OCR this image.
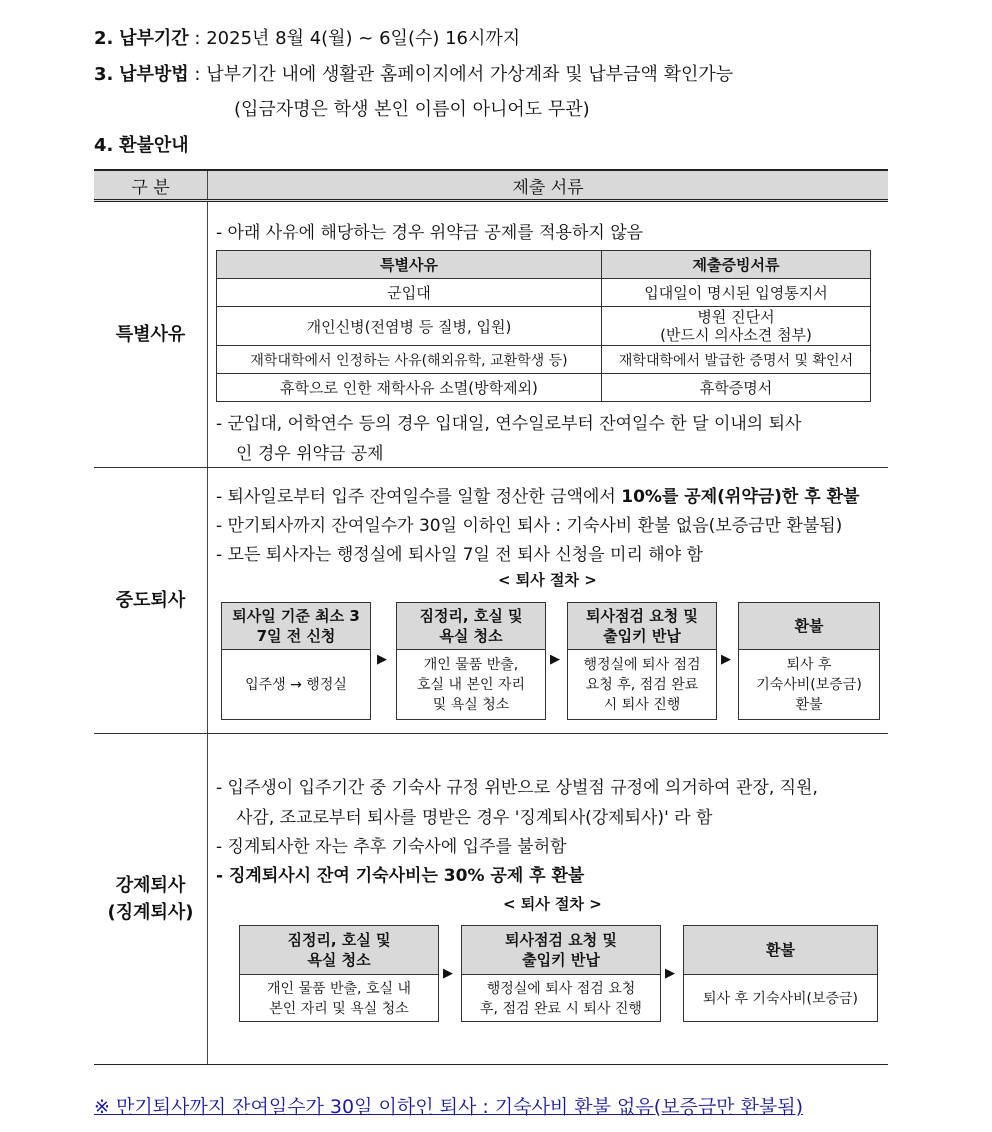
2. 납부기간 : 2025년 8월 4(월) ~ 6일(수) 16시까지
3. 납부방법 : 납부기간 내에 생활관 홈페이지에서 가상계좌 및 납부금액 확인가능
(입금자명은 학생 본인 이름이 아니어도 무관)
4. 환불안내
구 분	제출 서류
특별사유
- 아래 사유에 해당하는 경우 위약금 공제를 적용하지 않음
특별사유	제출증빙서류
군입대	입대일이 명시된 입영통지서
개인신병(전염병 등 질병, 입원)	병원 진단서
(반드시 의사소견 첨부)

재학대학에서 인정하는 사유(해외유학, 교환학생 등)	재학대학에서 발급한 증명서 및 확인서
휴학으로 인한 재학사유 소멸(방학제외)	휴학증명서
- 군입대, 어학연수 등의 경우 입대일, 연수일로부터 잔여일수 한 달 이내의 퇴사
인 경우 위약금 공제
중도퇴사
- 퇴사일로부터 입주 잔여일수를 일할 정산한 금액에서 10%를 공제(위약금)한 후 환불
- 만기퇴사까지 잔여일수가 30일 이하인 퇴사 : 기숙사비 환불 없음(보증금만 환불됨)
- 모든 퇴사자는 행정실에 퇴사일 7일 전 퇴사 신청을 미리 해야 함
< 퇴사 절차 >
퇴사일 기준 최소 3
7일 전 신청
입주생 → 행정실
▶
짐정리, 호실 및
욕실 청소
개인 물품 반출,
호실 내 본인 자리
및 욕실 청소
▶
퇴사점검 요청 및
출입키 반납
행정실에 퇴사 점검
요청 후, 점검 완료
시 퇴사 진행
▶
환불
퇴사 후
기숙사비(보증금)
환불
강제퇴사
(징계퇴사)
- 입주생이 입주기간 중 기숙사 규정 위반으로 상벌점 규정에 의거하여 관장, 직원,
사감, 조교로부터 퇴사를 명받은 경우 '징계퇴사(강제퇴사)' 라 함
- 징계퇴사한 자는 추후 기숙사에 입주를 불허함
- 징계퇴사시 잔여 기숙사비는 30% 공제 후 환불
< 퇴사 절차 >
짐정리, 호실 및
욕실 청소
개인 물품 반출, 호실 내
본인 자리 및 욕실 청소
▶
퇴사점검 요청 및
출입키 반납
행정실에 퇴사 점검 요청
후, 점검 완료 시 퇴사 진행
▶
환불
퇴사 후 기숙사비(보증금)
※ 만기퇴사까지 잔여일수가 30일 이하인 퇴사 : 기숙사비 환불 없음(보증금만 환불됨)
